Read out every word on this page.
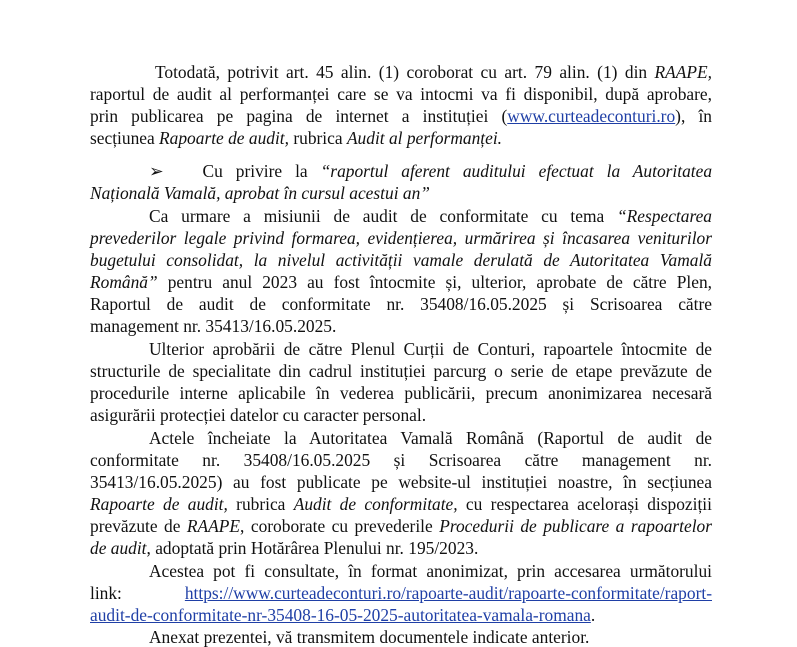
Totodată, potrivit art. 45 alin. (1) coroborat cu art. 79 alin. (1) din RAAPE,
raportul de audit al performanței care se va intocmi va fi disponibil, după aprobare,
prin publicarea pe pagina de internet a instituției (www.curteadeconturi.ro), în
secțiunea Rapoarte de audit, rubrica Audit al performanței.
➢ Cu privire la “raportul aferent auditului efectuat la Autoritatea
Națională Vamală, aprobat în cursul acestui an”
Ca urmare a misiunii de audit de conformitate cu tema “Respectarea
prevederilor legale privind formarea, evidențierea, urmărirea și încasarea veniturilor
bugetului consolidat, la nivelul activității vamale derulată de Autoritatea Vamală
Română” pentru anul 2023 au fost întocmite și, ulterior, aprobate de către Plen,
Raportul de audit de conformitate nr. 35408/16.05.2025 și Scrisoarea către
management nr. 35413/16.05.2025.
Ulterior aprobării de către Plenul Curții de Conturi, rapoartele întocmite de
structurile de specialitate din cadrul instituției parcurg o serie de etape prevăzute de
procedurile interne aplicabile în vederea publicării, precum anonimizarea necesară
asigurării protecției datelor cu caracter personal.
Actele încheiate la Autoritatea Vamală Română (Raportul de audit de
conformitate nr. 35408/16.05.2025 și Scrisoarea către management nr.
35413/16.05.2025) au fost publicate pe website-ul instituției noastre, în secțiunea
Rapoarte de audit, rubrica Audit de conformitate, cu respectarea acelorași dispoziții
prevăzute de RAAPE, coroborate cu prevederile Procedurii de publicare a rapoartelor
de audit, adoptată prin Hotărârea Plenului nr. 195/2023.
Acestea pot fi consultate, în format anonimizat, prin accesarea următorului
link: https://www.curteadeconturi.ro/rapoarte-audit/rapoarte-conformitate/raport-
audit-de-conformitate-nr-35408-16-05-2025-autoritatea-vamala-romana.
Anexat prezentei, vă transmitem documentele indicate anterior.
